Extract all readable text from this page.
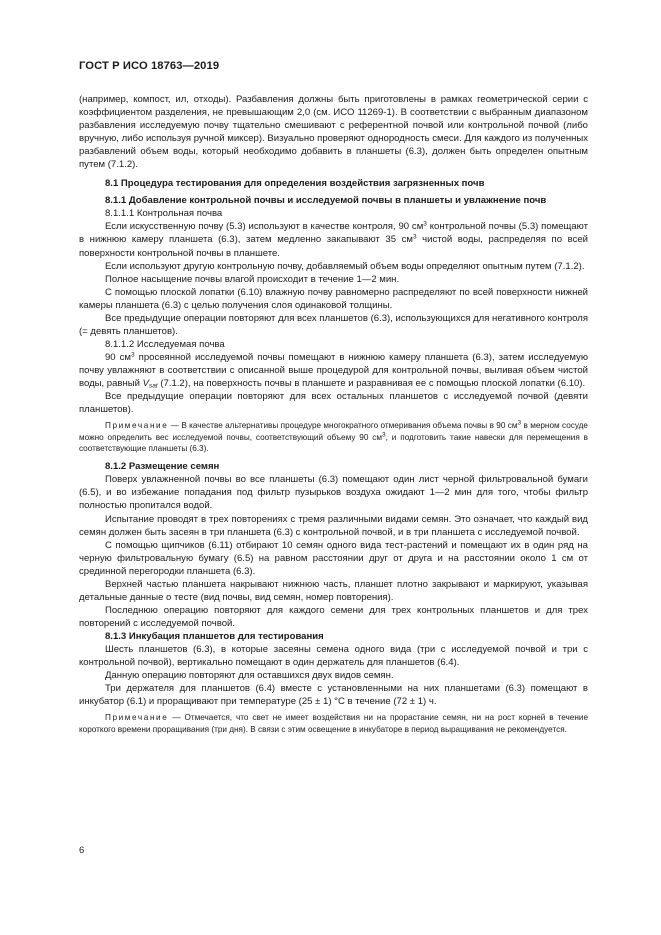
ГОСТ Р ИСО 18763—2019

(например, компост, ил, отходы). Разбавления должны быть приготовлены в рамках геометрической серии с коэффициентом разделения, не превышающим 2,0 (см. ИСО 11269-1). В соответствии с выбранным диапазоном разбавления исследуемую почву тщательно смешивают с референтной почвой или контрольной почвой (либо вручную, либо используя ручной миксер). Визуально проверяют однородность смеси. Для каждого из полученных разбавлений объем воды, который необходимо добавить в планшеты (6.3), должен быть определен опытным путем (7.1.2).

8.1 Процедура тестирования для определения воздействия загрязненных почв

8.1.1 Добавление контрольной почвы и исследуемой почвы в планшеты и увлажнение почв

8.1.1.1 Контрольная почва

Если искусственную почву (5.3) используют в качестве контроля, 90 $см^3$ контрольной почвы (5.3) помещают в нижнюю камеру планшета (6.3), затем медленно закапывают 35 $см^3$ чистой воды, распределяя по всей поверхности контрольной почвы в планшете.

Если используют другую контрольную почву, добавляемый объем воды определяют опытным путем (7.1.2).

Полное насыщение почвы влагой происходит в течение 1—2 мин.

С помощью плоской лопатки (6.10) влажную почву равномерно распределяют по всей поверхности нижней камеры планшета (6.3) с целью получения слоя одинаковой толщины.

Все предыдущие операции повторяют для всех планшетов (6.3), использующихся для негативного контроля (= девять планшетов).

8.1.1.2 Исследуемая почва

90 $см^3$ просеянной исследуемой почвы помещают в нижнюю камеру планшета (6.3), затем исследуемую почву увлажняют в соответствии с описанной выше процедурой для контрольной почвы, выливая объем чистой воды, равный $V_{sat}$ (7.1.2), на поверхность почвы в планшете и разравнивая ее с помощью плоской лопатки (6.10).

Все предыдущие операции повторяют для всех остальных планшетов с исследуемой почвой (девяти планшетов).

Примечание — В качестве альтернативы процедуре многократного отмеривания объема почвы в 90 $см^3$ в мерном сосуде можно определить вес исследуемой почвы, соответствующий объему 90 $см^3$, и подготовить такие навески для перемещения в соответствующие планшеты (6.3).

8.1.2 Размещение семян

Поверх увлажненной почвы во все планшеты (6.3) помещают один лист черной фильтровальной бумаги (6.5), и во избежание попадания под фильтр пузырьков воздуха ожидают 1—2 мин для того, чтобы фильтр полностью пропитался водой.

Испытание проводят в трех повторениях с тремя различными видами семян. Это означает, что каждый вид семян должен быть засеян в три планшета (6.3) с контрольной почвой, и в три планшета с исследуемой почвой.

С помощью щипчиков (6.11) отбирают 10 семян одного вида тест-растений и помещают их в один ряд на черную фильтровальную бумагу (6.5) на равном расстоянии друг от друга и на расстоянии около 1 см от срединной перегородки планшета (6.3).

Верхней частью планшета накрывают нижнюю часть, планшет плотно закрывают и маркируют, указывая детальные данные о тесте (вид почвы, вид семян, номер повторения).

Последнюю операцию повторяют для каждого семени для трех контрольных планшетов и для трех повторений с исследуемой почвой.

8.1.3 Инкубация планшетов для тестирования

Шесть планшетов (6.3), в которые засеяны семена одного вида (три с исследуемой почвой и три с контрольной почвой), вертикально помещают в один держатель для планшетов (6.4).

Данную операцию повторяют для оставшихся двух видов семян.

Три держателя для планшетов (6.4) вместе с установленными на них планшетами (6.3) помещают в инкубатор (6.1) и проращивают при температуре (25 ± 1) °С в течение (72 ± 1) ч.

Примечание — Отмечается, что свет не имеет воздействия ни на прорастание семян, ни на рост корней в течение короткого времени проращивания (три дня). В связи с этим освещение в инкубаторе в период выращивания не рекомендуется.

6
